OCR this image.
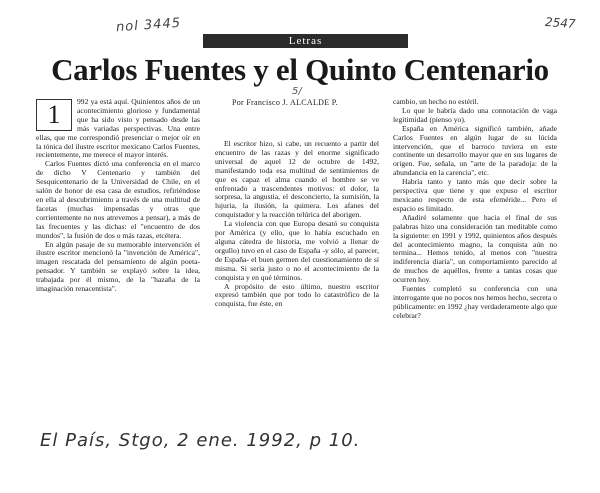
nol 3445	2547
Letras
Carlos Fuentes y el Quinto Centenario
5/

1	992 ya está aquí. Quinientos años de un acontecimiento glorioso y fundamental que ha sido visto y pensado desde las más variadas perspectivas. Una entre ellas, que me correspondió presenciar o mejor oír en la tónica del ilustre escritor mexicano Carlos Fuentes, recientemente, me merece el mayor interés.

Carlos Fuentes dictó una conferencia en el marco de dicho V Centenario y también del Sesquicentenario de la Universidad de Chile, en el salón de honor de esa casa de estudios, refiriéndose en ella al descubrimiento a través de una multitud de facetas (muchas impensadas y otras que corrientemente no nos atrevemos a pensar), a más de las frecuentes y las dichas: el "encuentro de dos mundos", la fusión de dos o más razas, etcétera.

En algún pasaje de su memorable intervención el ilustre escritor mencionó la "invención de América", imagen rescatada del pensamiento de algún poeta-pensador. Y también se explayó sobre la idea, trabajada por él mismo, de la "hazaña de la imaginación renacentista".

Por Francisco J. ALCALDE P.

El escritor hizo, si cabe, un recuento a partir del encuentro de las razas y del enorme significado universal de aquel 12 de octubre de 1492, manifestando toda esa multitud de sentimientos de que es capaz el alma cuando el hombre se ve enfrentado a trascendentes motivos: el dolor, la sorpresa, la angustia, el desconcierto, la sumisión, la lujuria, la ilusión, la quimera. Los afanes del conquistador y la reacción telúrica del aborigen.

La violencia con que Europa desató su conquista por América (y ello, que lo había escuchado en alguna cátedra de historia, me volvió a llenar de orgullo) tuvo en el caso de España -y sólo, al parecer, de España- el buen germen del cuestionamiento de sí misma. Si sería justo o no el acontecimiento de la conquista y en qué términos.

A propósito de esto último, nuestro escritor expresó también que por todo lo catastrófico de la conquista, fue éste, en

cambio, un hecho no estéril.

Lo que le habría dado una connotación de vaga legitimidad (pienso yo).

España en América significó también, añade Carlos Fuentes en algún lugar de su lúcida intervención, que el barroco tuviera en este continente un desarrollo mayor que en sus lugares de origen. Fue, señala, un "arte de la paradoja: de la abundancia en la carencia", etc.

Habría tanto y tanto más que decir sobre la perspectiva que tiene y que expuso el escritor mexicano respecto de esta efeméride... Pero el espacio es limitado.

Añadiré solamente que hacia el final de sus palabras hizo una consideración tan meditable como la siguiente: en 1991 y 1992, quinientos años después del acontecimiento magno, la conquista aún no termina... Hemos tenido, al menos con "nuestra indiferencia diaria", un comportamiento parecido al de muchos de aquéllos, frente a tantas cosas que ocurren hoy.

Fuentes completó su conferencia con una interrogante que no pocos nos hemos hecho, secreta o públicamente: en 1992 ¿hay verdaderamente algo que celebrar?

El País, Stgo, 2 ene. 1992, p 10.
